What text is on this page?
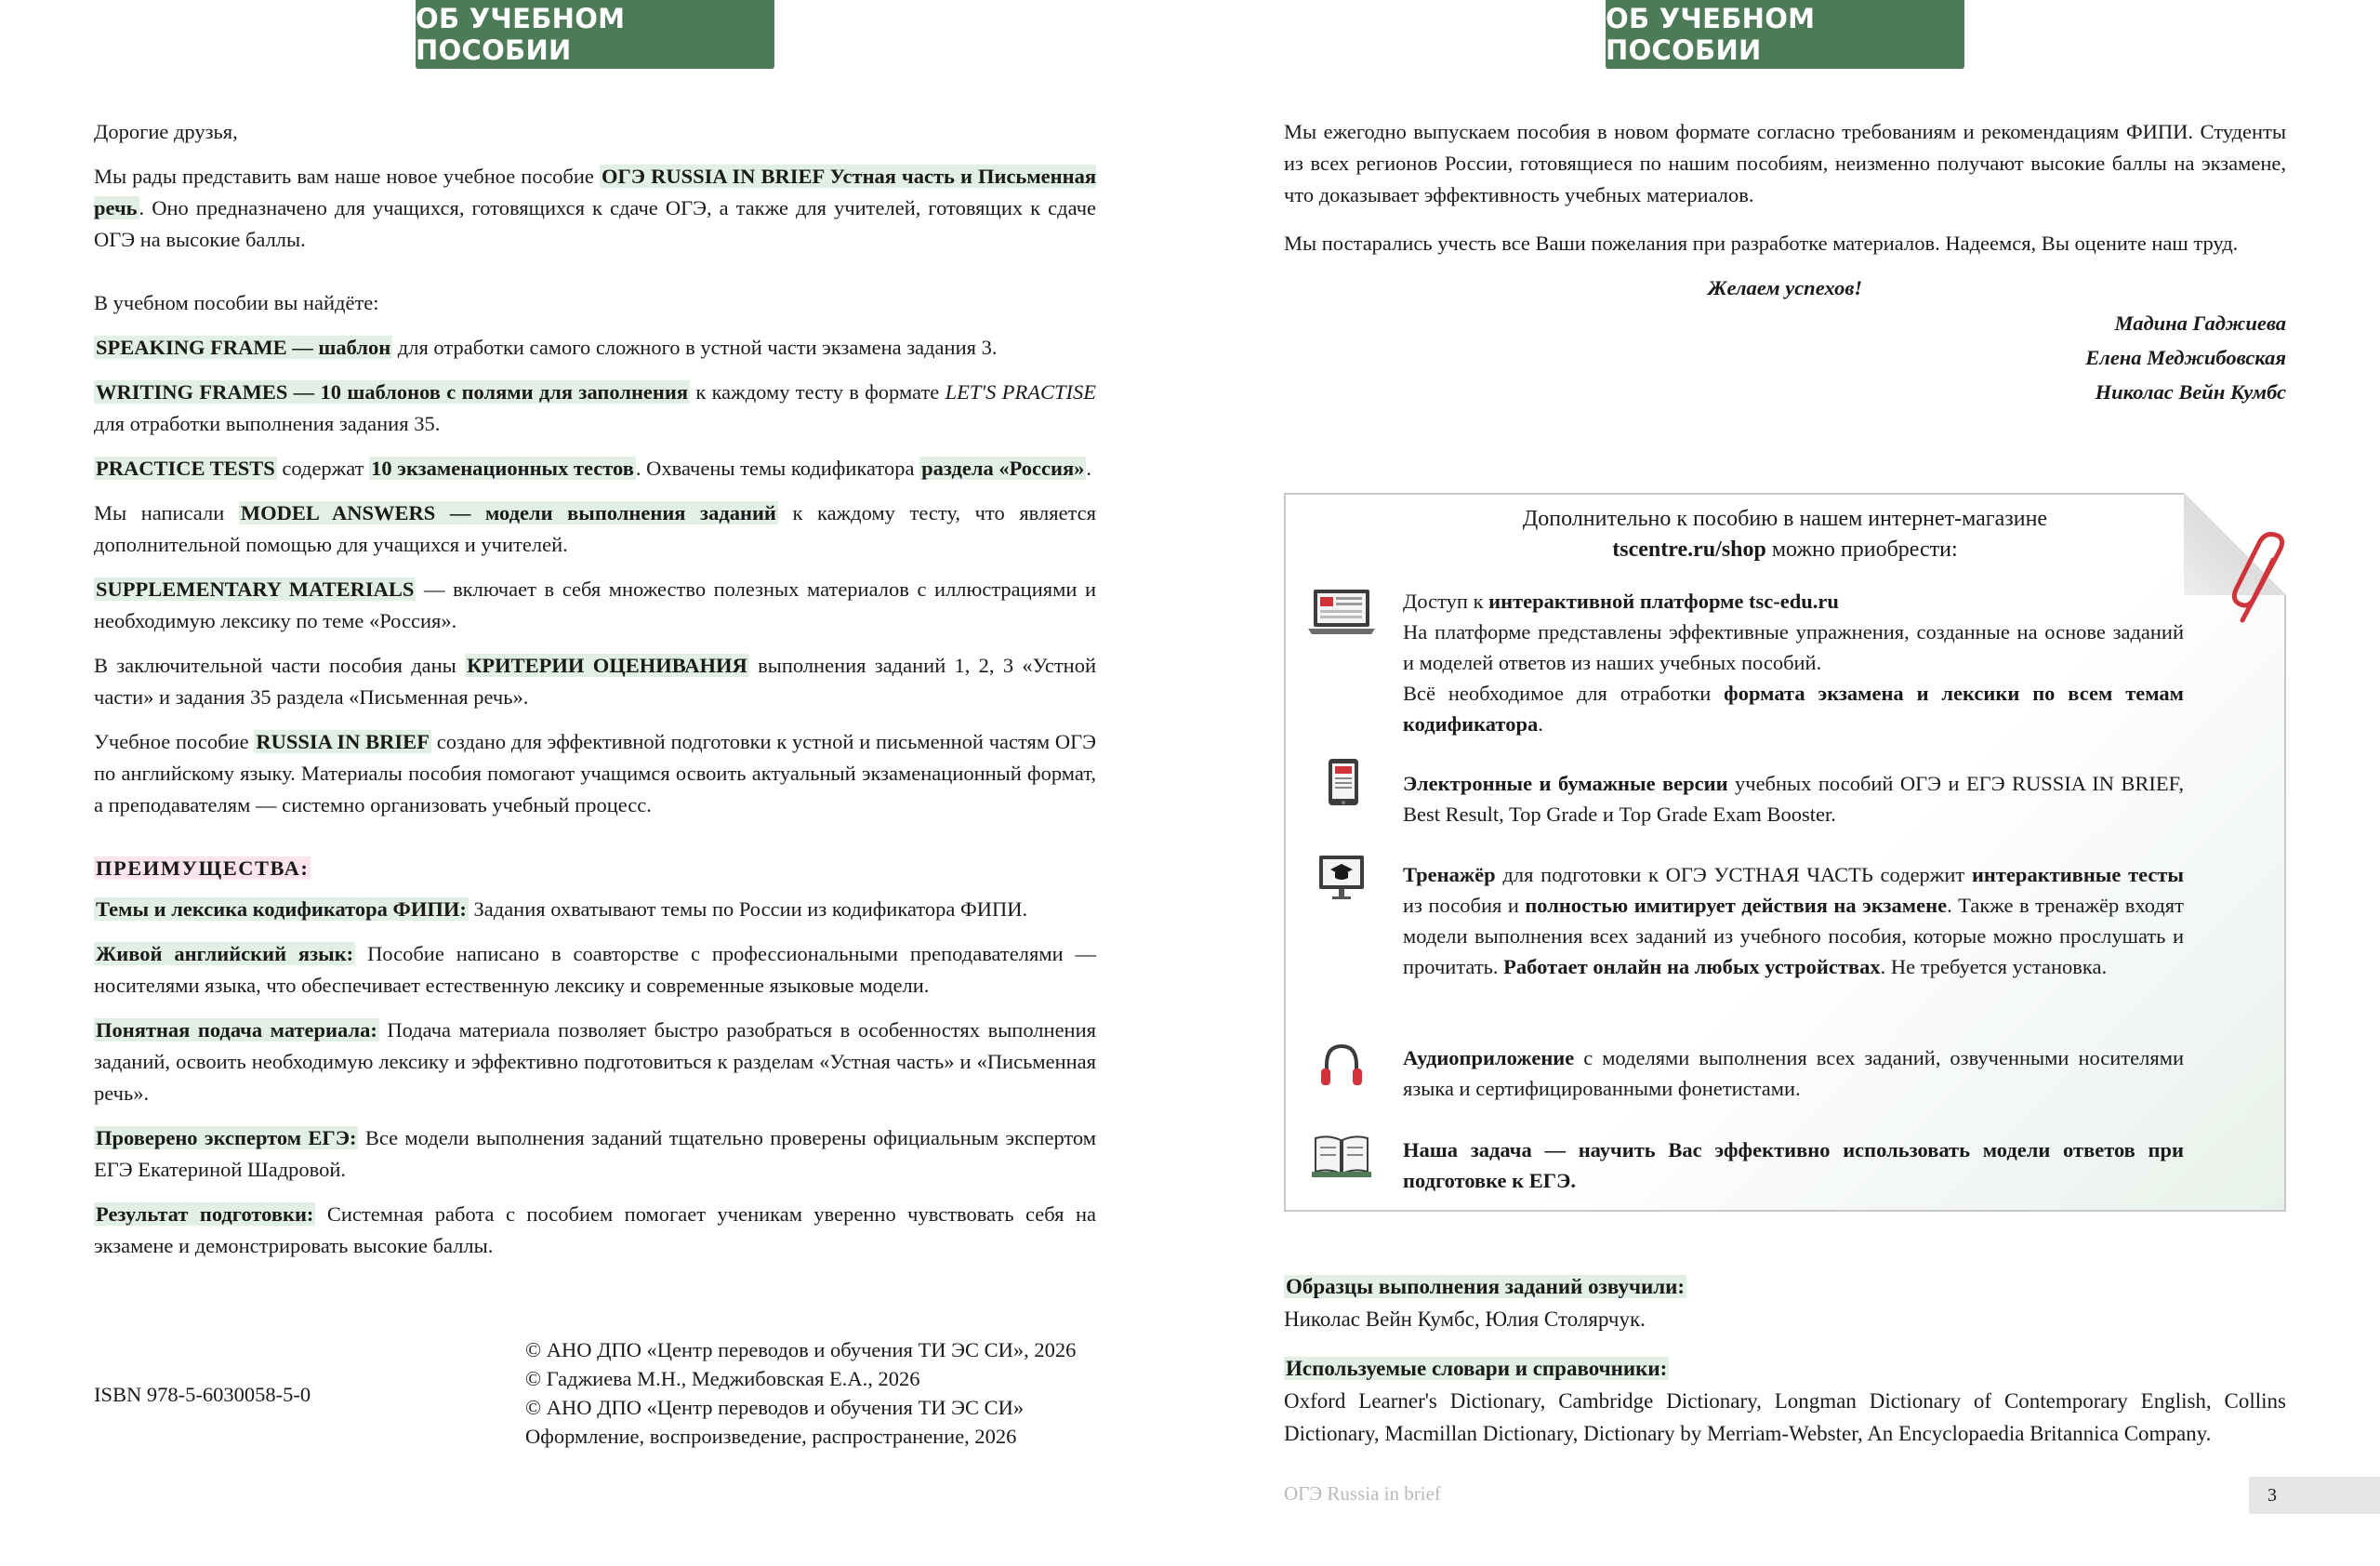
ОБ УЧЕБНОМ ПОСОБИИ

Дорогие друзья,

Мы рады представить вам наше новое учебное пособие ОГЭ RUSSIA IN BRIEF Устная часть и Письменная речь. Оно предназначено для учащихся, готовящихся к сдаче ОГЭ, а также для учителей, готовящих к сдаче ОГЭ на высокие баллы.

В учебном пособии вы найдёте:

SPEAKING FRAME — шаблон для отработки самого сложного в устной части экзамена задания 3.

WRITING FRAMES — 10 шаблонов с полями для заполнения к каждому тесту в формате LET'S PRACTISE для отработки выполнения задания 35.

PRACTICE TESTS содержат 10 экзаменационных тестов. Охвачены темы кодификатора раздела «Россия».

Мы написали MODEL ANSWERS — модели выполнения заданий к каждому тесту, что является дополнительной помощью для учащихся и учителей.

SUPPLEMENTARY MATERIALS — включает в себя множество полезных материалов с иллюстрациями и необходимую лексику по теме «Россия».

В заключительной части пособия даны КРИТЕРИИ ОЦЕНИВАНИЯ выполнения заданий 1, 2, 3 «Устной части» и задания 35 раздела «Письменная речь».

Учебное пособие RUSSIA IN BRIEF создано для эффективной подготовки к устной и письменной частям ОГЭ по английскому языку. Материалы пособия помогают учащимся освоить актуальный экзаменационный формат, а преподавателям — системно организовать учебный процесс.

ПРЕИМУЩЕСТВА:

Темы и лексика кодификатора ФИПИ: Задания охватывают темы по России из кодификатора ФИПИ.

Живой английский язык: Пособие написано в соавторстве с профессиональными преподавателями — носителями языка, что обеспечивает естественную лексику и современные языковые модели.

Понятная подача материала: Подача материала позволяет быстро разобраться в особенностях выполнения заданий, освоить необходимую лексику и эффективно подготовиться к разделам «Устная часть» и «Письменная речь».

Проверено экспертом ЕГЭ: Все модели выполнения заданий тщательно проверены официальным экспертом ЕГЭ Екатериной Шадровой.

Результат подготовки: Системная работа с пособием помогает ученикам уверенно чувствовать себя на экзамене и демонстрировать высокие баллы.

ISBN 978-5-6030058-5-0
© АНО ДПО «Центр переводов и обучения ТИ ЭС СИ», 2026
© Гаджиева М.Н., Меджибовская Е.А., 2026
© АНО ДПО «Центр переводов и обучения ТИ ЭС СИ»
Оформление, воспроизведение, распространение, 2026
ОБ УЧЕБНОМ ПОСОБИИ

Мы ежегодно выпускаем пособия в новом формате согласно требованиям и рекомендациям ФИПИ. Студенты из всех регионов России, готовящиеся по нашим пособиям, неизменно получают высокие баллы на экзамене, что доказывает эффективность учебных материалов.

Мы постарались учесть все Ваши пожелания при разработке материалов. Надеемся, Вы оцените наш труд.

Желаем успехов!
Мадина Гаджиева
Елена Меджибовская
Николас Вейн Кумбс
Дополнительно к пособию в нашем интернет-магазине
tscentre.ru/shop можно приобрести:
Доступ к интерактивной платформе tsc-edu.ru
На платформе представлены эффективные упражнения, созданные на основе заданий и моделей ответов из наших учебных пособий.
Всё необходимое для отработки формата экзамена и лексики по всем темам кодификатора.
Электронные и бумажные версии учебных пособий ОГЭ и ЕГЭ RUSSIA IN BRIEF, Best Result, Top Grade и Top Grade Exam Booster.
Тренажёр для подготовки к ОГЭ УСТНАЯ ЧАСТЬ содержит интерактивные тесты из пособия и полностью имитирует действия на экзамене. Также в тренажёр входят модели выполнения всех заданий из учебного пособия, которые можно прослушать и прочитать. Работает онлайн на любых устройствах. Не требуется установка.
Аудиоприложение с моделями выполнения всех заданий, озвученными носителями языка и сертифицированными фонетистами.
Наша задача — научить Вас эффективно использовать модели ответов при подготовке к ЕГЭ.

Образцы выполнения заданий озвучили:
Николас Вейн Кумбс, Юлия Столярчук.

Используемые словари и справочники:
Oxford Learner's Dictionary, Cambridge Dictionary, Longman Dictionary of Contemporary English, Collins Dictionary, Macmillan Dictionary, Dictionary by Merriam-Webster, An Encyclopaedia Britannica Company.

ОГЭ Russia in brief	3
